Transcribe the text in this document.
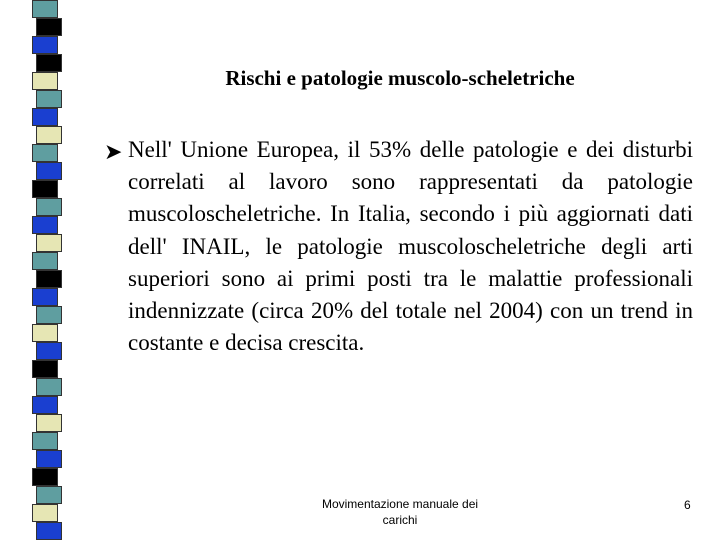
Rischi e patologie muscolo-scheletriche
➤ Nell' Unione Europea, il 53% delle patologie e dei disturbi correlati al lavoro sono rappresentati da patologie muscoloscheletriche. In Italia, secondo i più aggiornati dati dell' INAIL, le patologie muscoloscheletriche degli arti superiori sono ai primi posti tra le malattie professionali indennizzate (circa 20% del totale nel 2004) con un trend in costante e decisa crescita.
Movimentazione manuale dei
carichi
6
